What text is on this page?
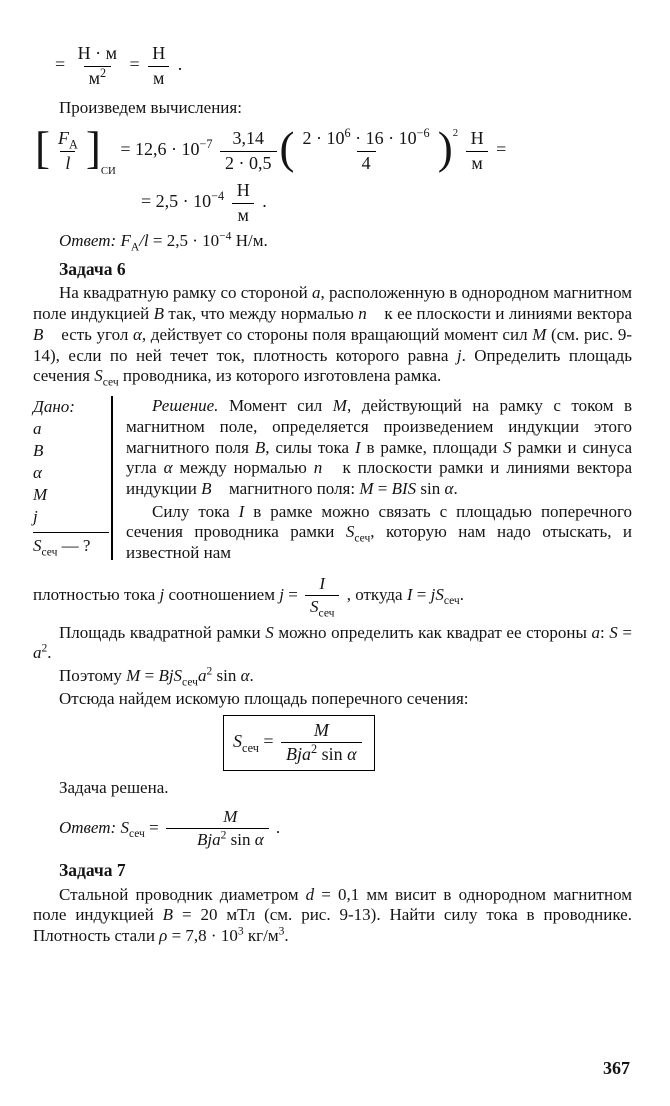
= $\frac{Н \cdot м}{м^2} = \frac{Н}{м}$ .

Произведем вычисления:

[ $\frac{F_А}{l} ]_{СИ} = 12,6 \cdot 10^{-7} \frac{3,14}{2 \cdot 0,5}$ ( $\frac{2 \cdot 10^6 \cdot 16 \cdot 10^{-6}}{4} )^2 \frac{Н}{м}$ =
= $2,5 \cdot 10^{-4} \frac{Н}{м}$ .

Ответ: $F_А/l = 2,5 \cdot 10^{-4}$ Н/м.

Задача 6

На квадратную рамку со стороной a, расположенную в однородном магнитном поле индукцией B так, что между нормалью n⃗ к ее плоскости и линиями вектора B⃗ есть угол α, действует со стороны поля вращающий момент сил M (см. рис. 9-14), если по ней течет ток, плотность которого равна j. Определить площадь сечения $S_{сеч}$ проводника, из которого изготовлена рамка.

Дано:
a
B
α
M
j
$S_{сеч}$ — ?

Решение. Момент сил M, действующий на рамку с током в магнитном поле, определяется произведением индукции этого магнитного поля B, силы тока I в рамке, площади S рамки и синуса угла α между нормалью n⃗ к плоскости рамки и линиями вектора индукции B⃗ магнитного поля: M = BIS sin α.

Силу тока I в рамке можно связать с площадью поперечного сечения проводника рамки $S_{сеч}$, которую нам надо отыскать, и известной нам

плотностью тока j соотношением $j = \frac{I}{S_{сеч}}$ , откуда $I = jS_{сеч}$.

Площадь квадратной рамки S можно определить как квадрат ее стороны a: $S = a^2$.

Поэтому $M = BjS_{сеч}a^2$ sin α.

Отсюда найдем искомую площадь поперечного сечения:

$S_{сеч} = \frac{M}{Bja^2 \sin \alpha}$

Задача решена.

Ответ: $S_{сеч} = \frac{M}{Bja^2 \sin \alpha}$ .

Задача 7

Стальной проводник диаметром d = 0,1 мм висит в однородном магнитном поле индукцией B = 20 мТл (см. рис. 9-13). Найти силу тока в проводнике. Плотность стали $\rho = 7,8 \cdot 10^3$ $кг/м^3$.

367
